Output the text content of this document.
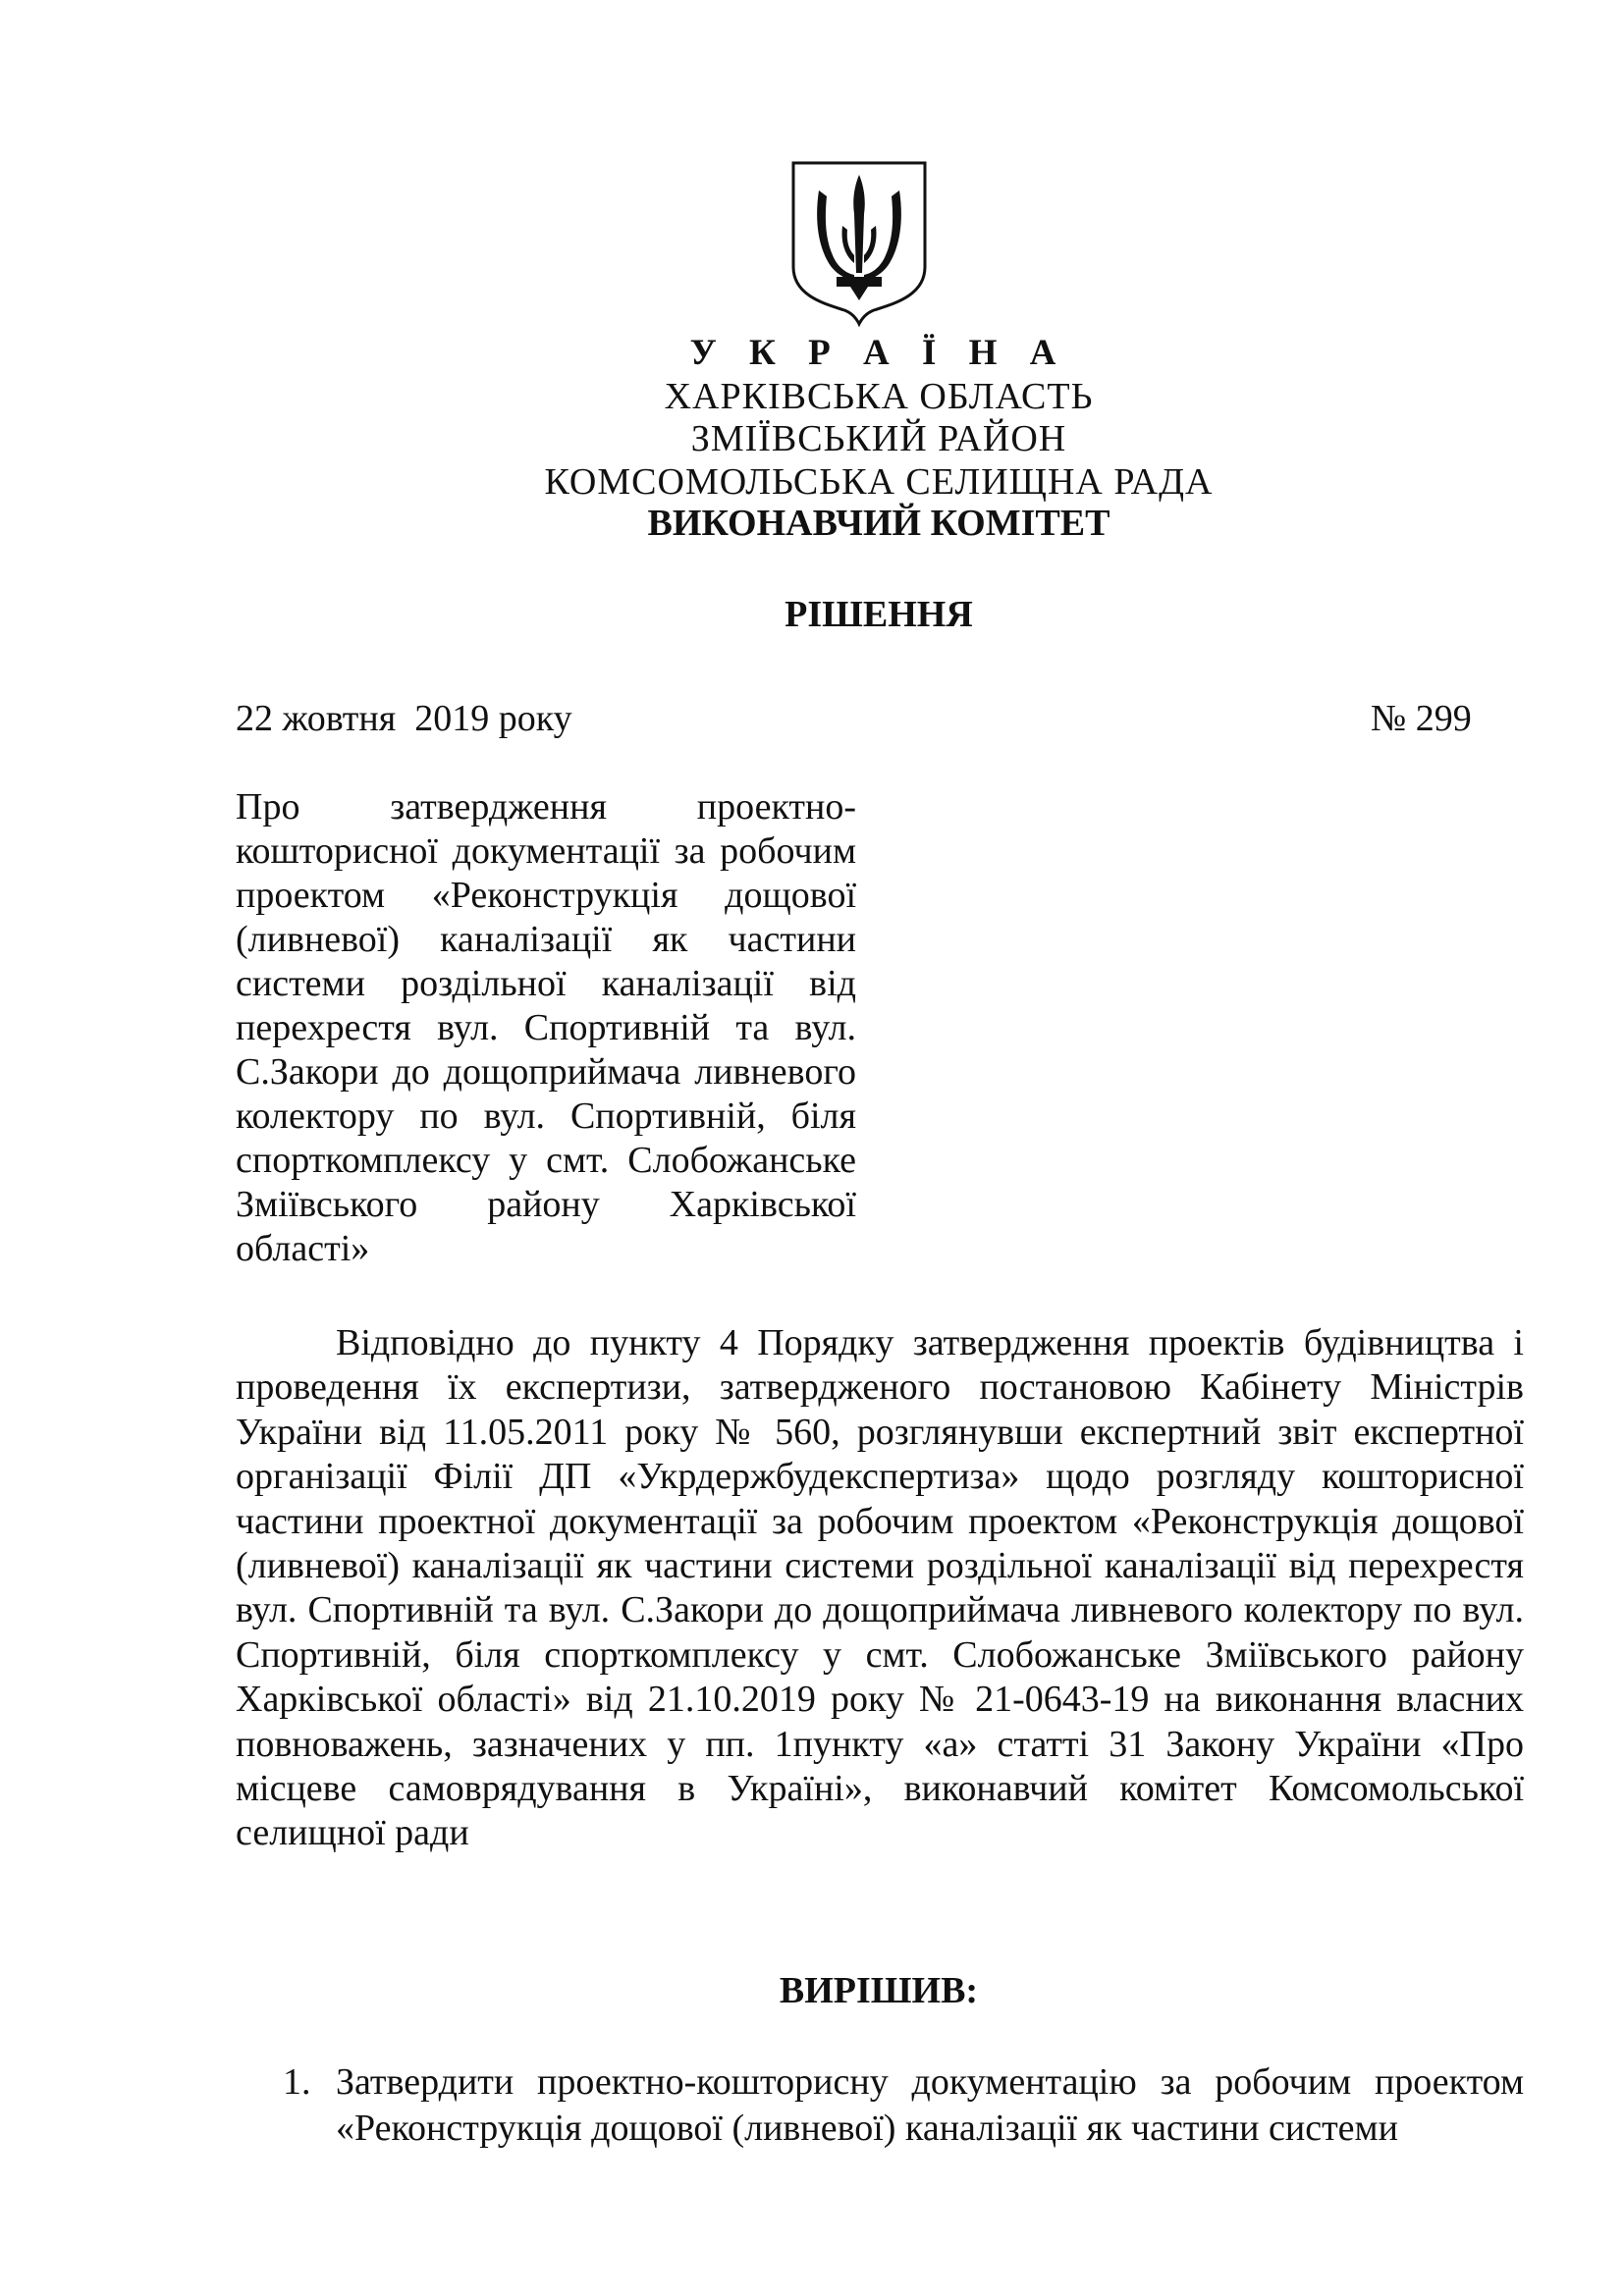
У К Р А Ї Н А
ХАРКІВСЬКА ОБЛАСТЬ
ЗМІЇВСЬКИЙ РАЙОН
КОМСОМОЛЬСЬКА СЕЛИЩНА РАДА
ВИКОНАВЧИЙ КОМІТЕТ
РІШЕННЯ
22 жовтня  2019 року	№ 299

Про затвердження проектно-кошторисної документації за робочим проектом «Реконструкція дощової (ливневої) каналізації як частини системи роздільної каналізації від перехрестя вул. Спортивній та вул. С.Закори до дощоприймача ливневого колектору по вул. Спортивній, біля спорткомплексу у смт. Слобожанське Зміївського району Харківської області»

Відповідно до пункту 4 Порядку затвердження проектів будівництва і проведення їх експертизи, затвердженого постановою Кабінету Міністрів України від 11.05.2011 року № 560, розглянувши експертний звіт експертної організації Філії ДП «Укрдержбудекспертиза» щодо розгляду кошторисної частини проектної документації за робочим проектом «Реконструкція дощової (ливневої) каналізації як частини системи роздільної каналізації від перехрестя вул. Спортивній та вул. С.Закори до дощоприймача ливневого колектору по вул. Спортивній, біля спорткомплексу у смт. Слобожанське Зміївського району Харківської області» від 21.10.2019 року № 21-0643-19 на виконання власних повноважень, зазначених у пп. 1пункту «а» статті 31 Закону України «Про місцеве самоврядування в Україні», виконавчий комітет Комсомольської селищної ради

ВИРІШИВ:
1. Затвердити проектно-кошторисну документацію за робочим проектом «Реконструкція дощової (ливневої) каналізації як частини системи
